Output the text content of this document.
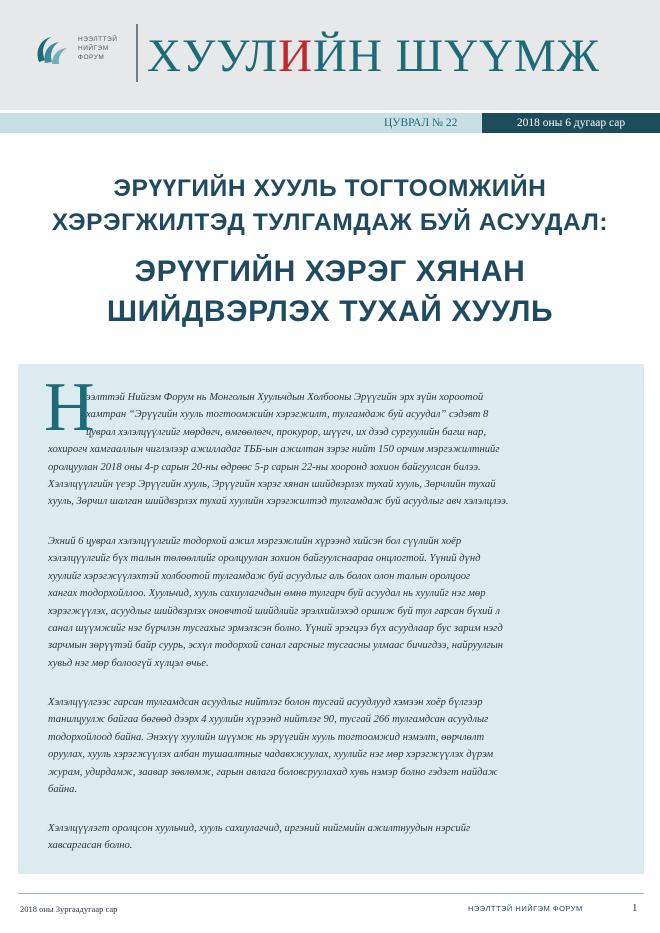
НЭЭЛТТЭЙ
НИЙГЭМ
ФОРУМ ХУУЛИЙН ШҮҮМЖ
ЦУВРАЛ № 22	2018 оны 6 дугаар сар
ЭРҮҮГИЙН ХУУЛЬ ТОГТООМЖИЙН
ХЭРЭГЖИЛТЭД ТУЛГАМДАЖ БУЙ АСУУДАЛ:
ЭРҮҮГИЙН ХЭРЭГ ХЯНАН
ШИЙДВЭРЛЭХ ТУХАЙ ХУУЛЬ
Н
ээлттэй Нийгэм Форум нь Монголын Хуульчдын Холбооны Эрүүгийн эрх зүйн хороотой
хамтран “Эрүүгийн хууль тогтоомжийн хэрэгжилт, тулгамдаж буй асуудал” сэдэвт 8
цуврал хэлэлцүүлгийг мөрдөгч, өмгөөлөгч, прокурор, шүүгч, их дээд сургуулийн багш нар,
хохирогч хамгааллын чиглэлээр ажилладаг ТББ-ын ажилтан зэрэг нийт 150 орчим мэргэжилтнийг
оролцуулан 2018 оны 4-р сарын 20-ны өдрөөс 5-р сарын 22-ны хооронд зохион байгуулсан билээ.
Хэлэлцүүлгийн үеэр Эрүүгийн хууль, Эрүүгийн хэрэг хянан шийдвэрлэх тухай хууль, Зөрчлийн тухай
хууль, Зөрчил шалган шийдвэрлэх тухай хуулийн хэрэгжилтэд тулгамдаж буй асуудлыг авч хэлэлцлээ.
Эхний 6 цуврал хэлэлцүүлгийг тодорхой ажил мэргэжлийн хүрээнд хийсэн бол сүүлийн хоёр
хэлэлцүүлгийг бүх талын төлөөллийг оролцуулан зохион байгуулснаараа онцлогтой. Үүний дүнд
хуулийг хэрэгжүүлэхтэй холбоотой тулгамдаж буй асуудлыг аль болох олон талын оролцоог
хангах тодорхойллоо. Хуульчид, хууль сахиулагчдын өмнө тулгарч буй асуудал нь хуулийг нэг мөр
хэрэгжүүлэх, асуудлыг шийдвэрлэх оновчтой шийдлийг эрэлхийлэхэд оршиж буй тул гарсан бүхий л
санал шүүмжийг нэг бүрчлэн тусгахыг эрмэлзсэн болно. Үүний эрэгцээ бүх асуудлаар бус зарим нэгд
зарчмын зөрүүтэй байр суурь, эсхүл тодорхой санал гарсныг тусгасны улмаас бичигдээ, найруулгын
хувьд нэг мөр болоогүй хүлцэл өчье.
Хэлэлцүүлгээс гарсан тулгамдсан асуудлыг нийтлэг болон тусгай асуудлууд хэмээн хоёр бүлгээр
танилцуулж байгаа бөгөөд дээрх 4 хуулийн хүрээнд нийтлэг 90, тусгай 266 тулгамдсан асуудлыг
тодорхойлоод байна. Энэхүү хуулийн шүүмж нь эрүүгийн хууль тогтоомжид нэмэлт, өөрчлөлт
оруулах, хууль хэрэгжүүлэх албан тушаалтныг чадавхжуулах, хуулийг нэг мөр хэрэгжүүлэх дүрэм
журам, удирдамж, заавар зөвлөмж, гарын авлага боловсруулахад хувь нэмэр болно гэдэгт найдаж
байна.
Хэлэлцүүлэгт оролцсон хуульчид, хууль сахиулагчид, иргэний нийгмийн ажилтнуудын нэрсийг
хавсаргасан болно.
2018 оны 3ургаадугаар сар	НЭЭЛТТЭЙ НИЙГЭМ ФОРУМ	1
